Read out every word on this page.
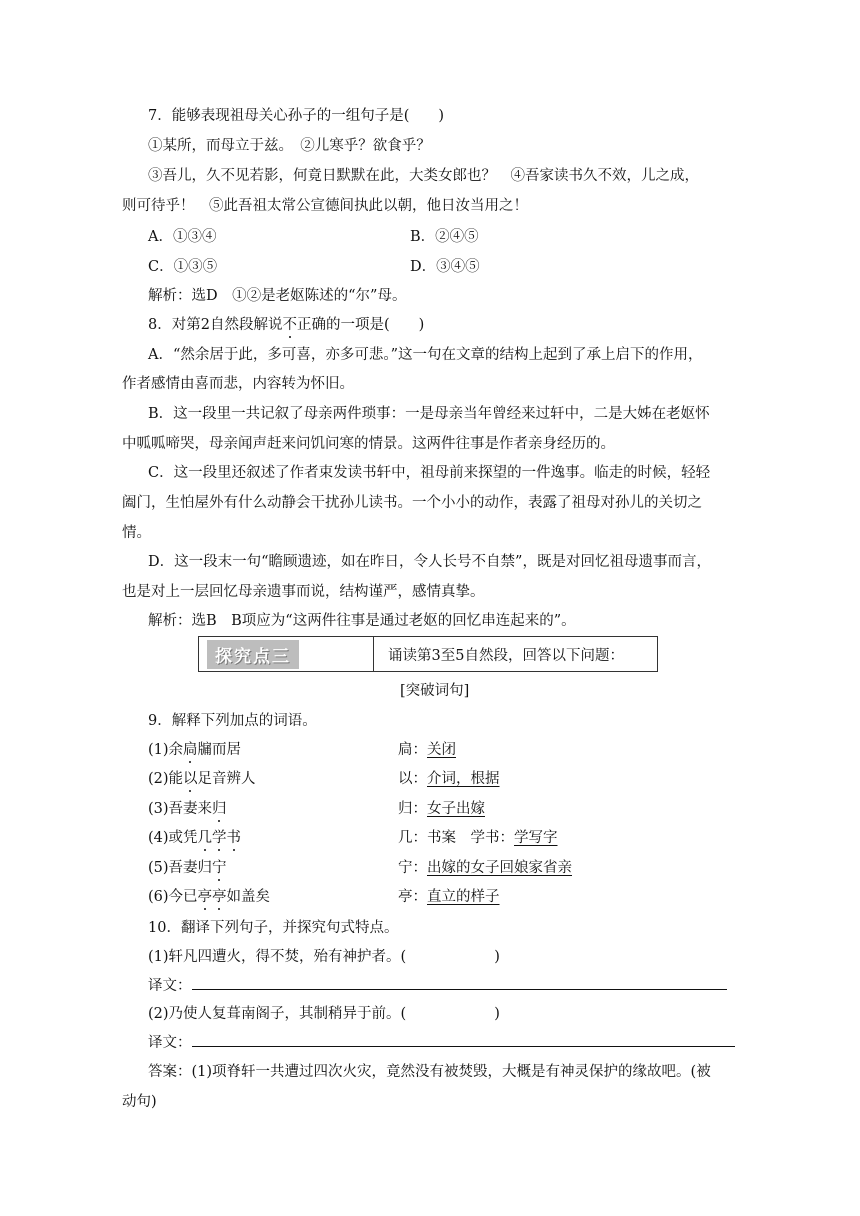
7．能够表现祖母关心孙子的一组句子是(　　)
①某所，而母立于兹。　②儿寒乎？欲食乎？
③吾儿，久不见若影，何竟日默默在此，大类女郎也？　④吾家读书久不效，儿之成，
则可待乎！　⑤此吾祖太常公宣德间执此以朝，他日汝当用之！
A．①③④	B．②④⑤
C．①③⑤	D．③④⑤
解析：选D　①②是老妪陈述的“尔”母。
8．对第2自然段解说不正确的一项是(　　)
A．“然余居于此，多可喜，亦多可悲。”这一句在文章的结构上起到了承上启下的作用，
作者感情由喜而悲，内容转为怀旧。
B．这一段里一共记叙了母亲两件琐事：一是母亲当年曾经来过轩中，二是大姊在老妪怀
中呱呱啼哭，母亲闻声赶来问饥问寒的情景。这两件往事是作者亲身经历的。
C．这一段里还叙述了作者束发读书轩中，祖母前来探望的一件逸事。临走的时候，轻轻
阖门，生怕屋外有什么动静会干扰孙儿读书。一个小小的动作，表露了祖母对孙儿的关切之
情。
D．这一段末一句“瞻顾遗迹，如在昨日，令人长号不自禁”，既是对回忆祖母遗事而言，
也是对上一层回忆母亲遗事而说，结构谨严，感情真挚。
解析：选B　B项应为“这两件往事是通过老妪的回忆串连起来的”。
探究点三	诵读第3至5自然段，回答以下问题：
[突破词句]
9．解释下列加点的词语。
10．翻译下列句子，并探究句式特点。
(1)轩凡四遭火，得不焚，殆有神护者。(	)
译文：
(2)乃使人复葺南阁子，其制稍异于前。(	)
译文：
答案：(1)项脊轩一共遭过四次火灾，竟然没有被焚毁，大概是有神灵保护的缘故吧。(被
动句)
(1)余扃牖而居	扃：关闭
(2)能以足音辨人	以：介词，根据
(3)吾妻来归	归：女子出嫁
(4)或凭几学书	几：书案　学书：学写字
(5)吾妻归宁	宁：出嫁的女子回娘家省亲
(6)今已亭亭如盖矣	亭：直立的样子
